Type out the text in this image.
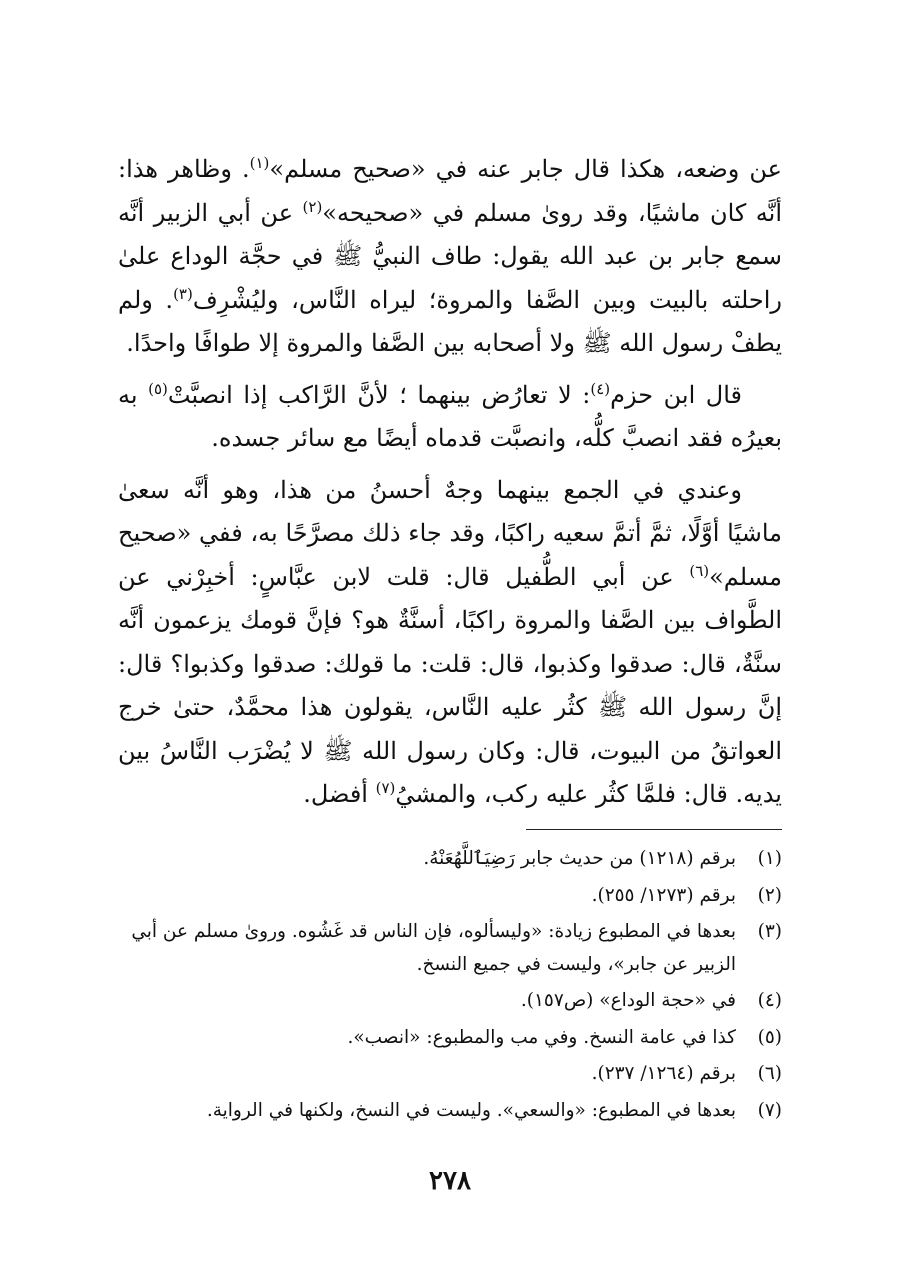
عن وضعه، هكذا قال جابر عنه في «صحيح مسلم»$^{(١)}$. وظاهر هذا: أنَّه كان ماشيًا، وقد روىٰ مسلم في «صحيحه»$^{(٢)}$ عن أبي الزبير أنَّه سمع جابر بن عبد الله يقول: طاف النبيُّ ﷺ في حجَّة الوداع علىٰ راحلته بالبيت وبين الصَّفا والمروة؛ ليراه النَّاس، وليُشْرِف$^{(٣)}$. ولم يطفْ رسول الله ﷺ ولا أصحابه بين الصَّفا والمروة إلا طوافًا واحدًا.

قال ابن حزم$^{(٤)}$: لا تعارُض بينهما ؛ لأنَّ الرَّاكب إذا انصبَّتْ$^{(٥)}$ به بعيرُه فقد انصبَّ كلُّه، وانصبَّت قدماه أيضًا مع سائر جسده.

وعندي في الجمع بينهما وجهٌ أحسنُ من هذا، وهو أنَّه سعىٰ ماشيًا أوَّلًا، ثمَّ أتمَّ سعيه راكبًا، وقد جاء ذلك مصرَّحًا به، ففي «صحيح مسلم»$^{(٦)}$ عن أبي الطُّفيل قال: قلت لابن عبَّاسٍ: أخبِرْني عن الطَّواف بين الصَّفا والمروة راكبًا، أسنَّةٌ هو؟ فإنَّ قومك يزعمون أنَّه سنَّةٌ، قال: صدقوا وكذبوا، قال: قلت: ما قولك: صدقوا وكذبوا؟ قال: إنَّ رسول الله ﷺ كثُر عليه النَّاس، يقولون هذا محمَّدٌ، حتىٰ خرج العواتقُ من البيوت، قال: وكان رسول الله ﷺ لا يُضْرَب النَّاسُ بين يديه. قال: فلمَّا كثُر عليه ركب، والمشيُ$^{(٧)}$ أفضل.

(١)
برقم (١٢١٨) من حديث جابر رَضِيَٱللَّهُعَنْهُ.
(٢)
برقم (١٢٧٣/ ٢٥٥).
(٣)
بعدها في المطبوع زيادة: «وليسألوه، فإن الناس قد غَشُوه. وروىٰ مسلم عن أبي الزبير عن جابر»، وليست في جميع النسخ.
(٤)
في «حجة الوداع» (ص١٥٧).
(٥)
كذا في عامة النسخ. وفي مب والمطبوع: «انصب».
(٦)
برقم (١٢٦٤/ ٢٣٧).
(٧)
بعدها في المطبوع: «والسعي». وليست في النسخ، ولكنها في الرواية.
٢٧٨
